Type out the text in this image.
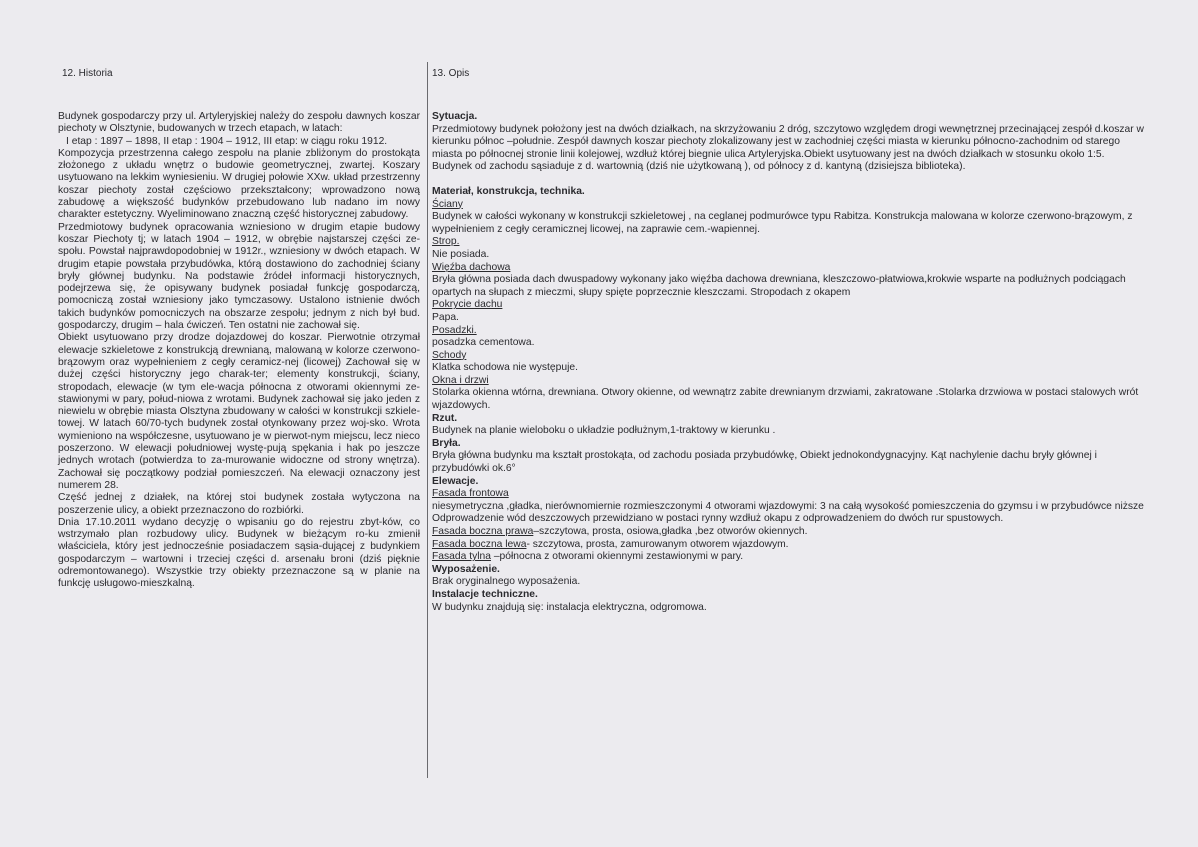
12. Historia	13. Opis

Budynek gospodarczy przy ul. Artyleryjskiej należy do zespołu dawnych koszar piechoty w Olsztynie, budowanych w trzech etapach, w latach:

I etap : 1897 – 1898, II etap : 1904 – 1912, III etap: w ciągu roku 1912.

Kompozycja przestrzenna całego zespołu na planie zbliżonym do prostokąta złożonego z układu wnętrz o budowie geometrycznej, zwartej. Koszary usytuowano na lekkim wyniesieniu. W drugiej połowie XXw. układ przestrzenny koszar piechoty został częściowo przekształcony; wprowadzono nową zabudowę a większość budynków przebudowano lub nadano im nowy charakter estetyczny. Wyeliminowano znaczną część historycznej zabudowy.

Przedmiotowy budynek opracowania wzniesiono w drugim etapie budowy koszar Piechoty tj; w latach 1904 – 1912, w obrębie najstarszej części ze-społu. Powstał najprawdopodobniej w 1912r., wzniesiony w dwóch etapach. W drugim etapie powstała przybudówka, którą dostawiono do zachodniej ściany bryły głównej budynku. Na podstawie źródeł informacji historycznych, podejrzewa się, że opisywany budynek posiadał funkcję gospodarczą, pomocniczą został wzniesiony jako tymczasowy. Ustalono istnienie dwóch takich budynków pomocniczych na obszarze zespołu; jednym z nich był bud. gospodarczy, drugim – hala ćwiczeń. Ten ostatni nie zachował się.

Obiekt usytuowano przy drodze dojazdowej do koszar. Pierwotnie otrzymał elewacje szkieletowe z konstrukcją drewnianą, malowaną w kolorze czerwono-brązowym oraz wypełnieniem z cegły ceramicz-nej (licowej) Zachował się w dużej części historyczny jego charak-ter; elementy konstrukcji, ściany, stropodach, elewacje (w tym ele-wacja północna z otworami okiennymi ze-stawionymi w pary, połud-niowa z wrotami. Budynek zachował się jako jeden z niewielu w obrębie miasta Olsztyna zbudowany w całości w konstrukcji szkiele-towej. W latach 60/70-tych budynek został otynkowany przez woj-sko. Wrota wymieniono na współczesne, usytuowano je w pierwot-nym miejscu, lecz nieco poszerzono. W elewacji południowej wystę-pują spękania i hak po jeszcze jednych wrotach (potwierdza to za-murowanie widoczne od strony wnętrza). Zachował się początkowy podział pomieszczeń. Na elewacji oznaczony jest numerem 28.

Część jednej z działek, na której stoi budynek została wytyczona na poszerzenie ulicy, a obiekt przeznaczono do rozbiórki.

Dnia 17.10.2011 wydano decyzję o wpisaniu go do rejestru zbyt-ków, co wstrzymało plan rozbudowy ulicy. Budynek w bieżącym ro-ku zmienił właściciela, który jest jednocześnie posiadaczem sąsia-dującej z budynkiem gospodarczym – wartowni i trzeciej części d. arsenału broni (dziś pięknie odremontowanego). Wszystkie trzy obiekty przeznaczone są w planie na funkcję usługowo-mieszkalną.

Sytuacja.

Przedmiotowy budynek położony jest na dwóch działkach, na skrzyżowaniu 2 dróg, szczytowo względem drogi wewnętrznej przecinającej zespół d.koszar w kierunku północ –południe. Zespół dawnych koszar piechoty zlokalizowany jest w zachodniej części miasta w kierunku północno-zachodnim od starego miasta po północnej stronie linii kolejowej, wzdłuż której biegnie ulica Artyleryjska.Obiekt usytuowany jest na dwóch działkach w stosunku około 1:5. Budynek od zachodu sąsiaduje z d. wartownią (dziś nie użytkowaną ), od północy z d. kantyną (dzisiejsza biblioteka).

Materiał, konstrukcja, technika.

Ściany

Budynek w całości wykonany w konstrukcji szkieletowej , na ceglanej podmurówce typu Rabitza. Konstrukcja malowana w kolorze czerwono-brązowym, z wypełnieniem z cegły ceramicznej licowej, na zaprawie cem.-wapiennej.

Strop.

Nie posiada.

Więźba dachowa

Bryła główna posiada dach dwuspadowy wykonany jako więźba dachowa drewniana, kleszczowo-płatwiowa,krokwie wsparte na podłużnych podciągach opartych na słupach z mieczmi, słupy spięte poprzecznie kleszczami. Stropodach z okapem

Pokrycie dachu

Papa.

Posadzki.

posadzka cementowa.

Schody

Klatka schodowa nie występuje.

Okna i drzwi

Stolarka okienna wtórna, drewniana. Otwory okienne, od wewnątrz zabite drewnianym drzwiami, zakratowane .Stolarka drzwiowa w postaci stalowych wrót wjazdowych.

Rzut.

Budynek na planie wieloboku o układzie podłużnym,1-traktowy w kierunku .

Bryła.

Bryła główna budynku ma kształt prostokąta, od zachodu posiada przybudówkę, Obiekt jednokondygnacyjny. Kąt nachylenie dachu bryły głównej i przybudówki ok.6°

Elewacje.

Fasada frontowa

niesymetryczna ,gładka, nierównomiernie rozmieszczonymi 4 otworami wjazdowymi: 3 na całą wysokość pomieszczenia do gzymsu i w przybudówce niższe

Odprowadzenie wód deszczowych przewidziano w postaci rynny wzdłuż okapu z odprowadzeniem do dwóch rur spustowych.

Fasada boczna prawa–szczytowa, prosta, osiowa,gładka ,bez otworów okiennych.

Fasada boczna lewa- szczytowa, prosta, zamurowanym otworem wjazdowym.

Fasada tylna –północna z otworami okiennymi zestawionymi w pary.

Wyposażenie.

Brak oryginalnego wyposażenia.

Instalacje techniczne.

W budynku znajdują się: instalacja elektryczna, odgromowa.
